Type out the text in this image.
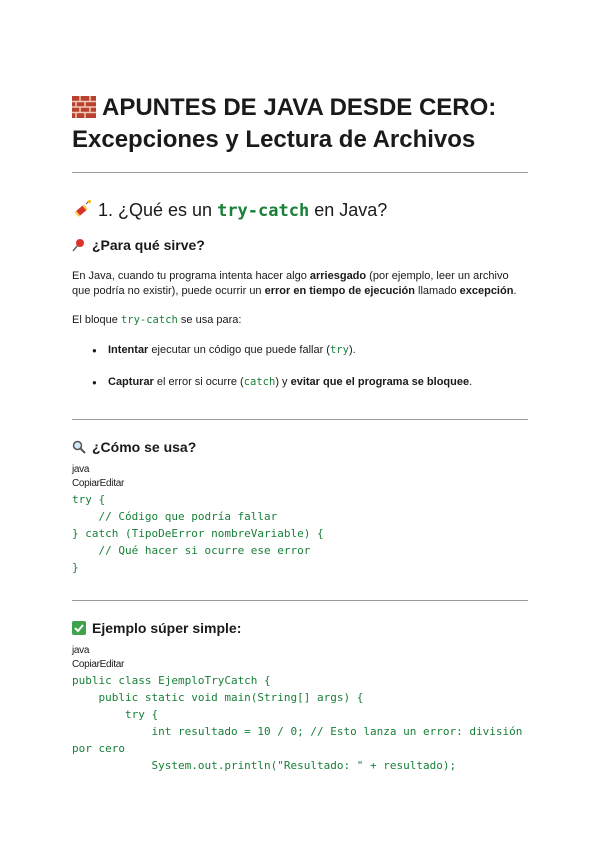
APUNTES DE JAVA DESDE CERO:
Excepciones y Lectura de Archivos
1. ¿Qué es un try-catch en Java?
¿Para qué sirve?

En Java, cuando tu programa intenta hacer algo arriesgado (por ejemplo, leer un archivo que podría no existir), puede ocurrir un error en tiempo de ejecución llamado excepción.

El bloque try-catch se usa para:

● Intentar ejecutar un código que puede fallar (try).
● Capturar el error si ocurre (catch) y evitar que el programa se bloquee.
¿Cómo se usa?

java

CopiarEditar

try {
// Código que podría fallar
} catch (TipoDeError nombreVariable) {
// Qué hacer si ocurre ese error
}
Ejemplo súper simple:

java

CopiarEditar

public class EjemploTryCatch {
public static void main(String[] args) {
try {
int resultado = 10 / 0; // Esto lanza un error: división
por cero
System.out.println("Resultado: " + resultado);
